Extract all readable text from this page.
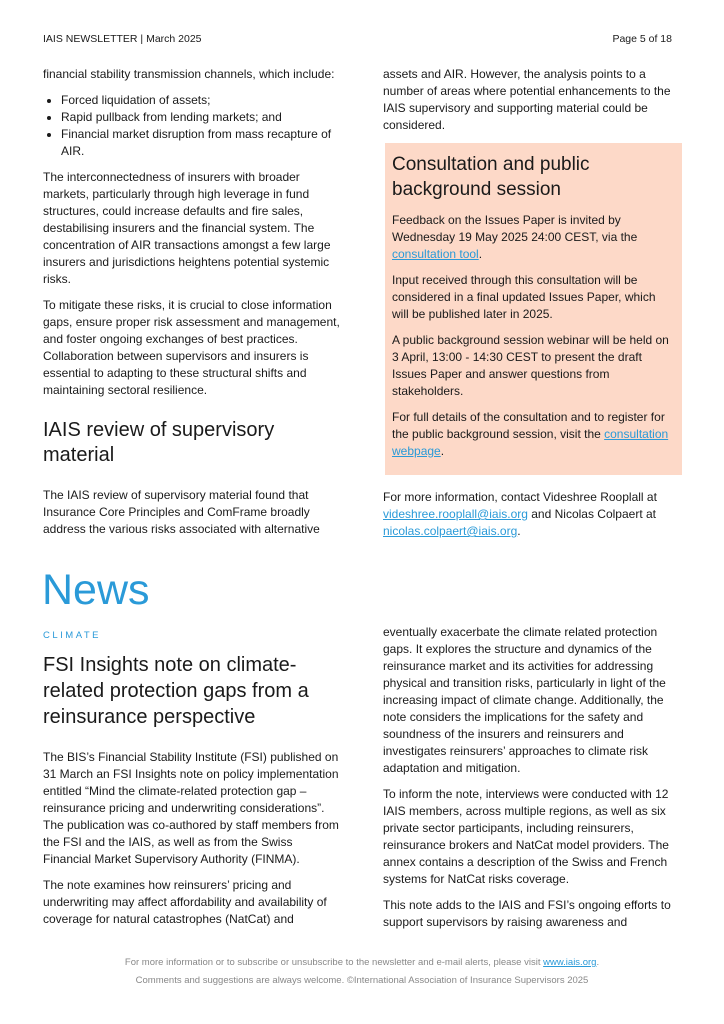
IAIS NEWSLETTER | March 2025	Page 5 of 18

financial stability transmission channels, which include:

• Forced liquidation of assets;
• Rapid pullback from lending markets; and
• Financial market disruption from mass recapture of AIR.

The interconnectedness of insurers with broader markets, particularly through high leverage in fund structures, could increase defaults and fire sales, destabilising insurers and the financial system. The concentration of AIR transactions amongst a few large insurers and jurisdictions heightens potential systemic risks.

To mitigate these risks, it is crucial to close information gaps, ensure proper risk assessment and management, and foster ongoing exchanges of best practices. Collaboration between supervisors and insurers is essential to adapting to these structural shifts and maintaining sectoral resilience.

IAIS review of supervisory material

The IAIS review of supervisory material found that Insurance Core Principles and ComFrame broadly address the various risks associated with alternative

assets and AIR. However, the analysis points to a number of areas where potential enhancements to the IAIS supervisory and supporting material could be considered.

Consultation and public background session

Feedback on the Issues Paper is invited by Wednesday 19 May 2025 24:00 CEST, via the consultation tool.

Input received through this consultation will be considered in a final updated Issues Paper, which will be published later in 2025.

A public background session webinar will be held on 3 April, 13:00 - 14:30 CEST to present the draft Issues Paper and answer questions from stakeholders.

For full details of the consultation and to register for the public background session, visit the consultation webpage.

For more information, contact Videshree Rooplall at videshree.rooplall@iais.org and Nicolas Colpaert at nicolas.colpaert@iais.org.

News
CLIMATE
FSI Insights note on climate-related protection gaps from a reinsurance perspective

The BIS’s Financial Stability Institute (FSI) published on 31 March an FSI Insights note on policy implementation entitled “Mind the climate-related protection gap – reinsurance pricing and underwriting considerations”. The publication was co-authored by staff members from the FSI and the IAIS, as well as from the Swiss Financial Market Supervisory Authority (FINMA).

The note examines how reinsurers’ pricing and underwriting may affect affordability and availability of coverage for natural catastrophes (NatCat) and

eventually exacerbate the climate related protection gaps. It explores the structure and dynamics of the reinsurance market and its activities for addressing physical and transition risks, particularly in light of the increasing impact of climate change. Additionally, the note considers the implications for the safety and soundness of the insurers and reinsurers and investigates reinsurers’ approaches to climate risk adaptation and mitigation.

To inform the note, interviews were conducted with 12 IAIS members, across multiple regions, as well as six private sector participants, including reinsurers, reinsurance brokers and NatCat model providers. The annex contains a description of the Swiss and French systems for NatCat risks coverage.

This note adds to the IAIS and FSI’s ongoing efforts to support supervisors by raising awareness and

For more information or to subscribe or unsubscribe to the newsletter and e-mail alerts, please visit www.iais.org.
Comments and suggestions are always welcome. ©International Association of Insurance Supervisors 2025
